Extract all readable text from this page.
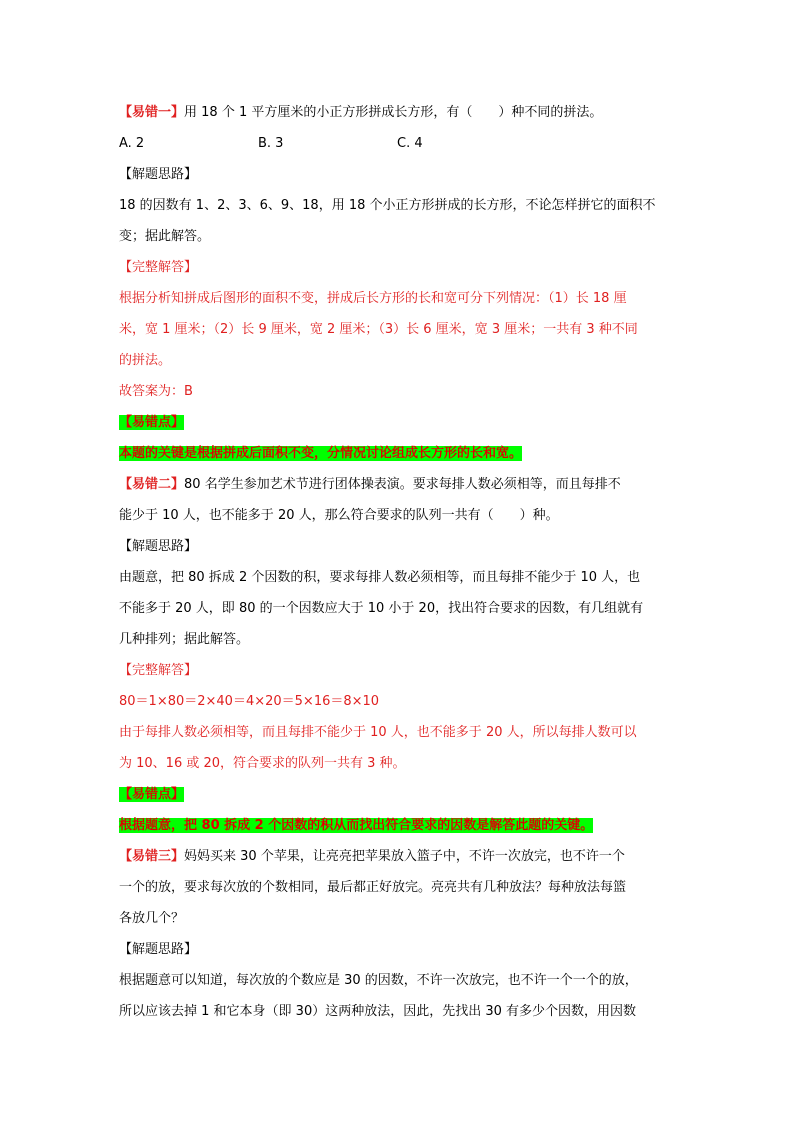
【易错一】用 18 个 1 平方厘米的小正方形拼成长方形，有（　　）种不同的拼法。
A. 2	B. 3	C. 4
【解题思路】
18 的因数有 1、2、3、6、9、18，用 18 个小正方形拼成的长方形，不论怎样拼它的面积不
变；据此解答。
【完整解答】
根据分析知拼成后图形的面积不变，拼成后长方形的长和宽可分下列情况：（1）长 18 厘
米，宽 1 厘米；（2）长 9 厘米，宽 2 厘米；（3）长 6 厘米，宽 3 厘米；一共有 3 种不同
的拼法。
故答案为：B
【易错点】
本题的关键是根据拼成后面积不变，分情况讨论组成长方形的长和宽。
【易错二】80 名学生参加艺术节进行团体操表演。要求每排人数必须相等，而且每排不
能少于 10 人，也不能多于 20 人，那么符合要求的队列一共有（　　）种。
【解题思路】
由题意，把 80 拆成 2 个因数的积，要求每排人数必须相等，而且每排不能少于 10 人，也
不能多于 20 人，即 80 的一个因数应大于 10 小于 20，找出符合要求的因数，有几组就有
几种排列；据此解答。
【完整解答】
80＝1×80＝2×40＝4×20＝5×16＝8×10
由于每排人数必须相等，而且每排不能少于 10 人，也不能多于 20 人，所以每排人数可以
为 10、16 或 20，符合要求的队列一共有 3 种。
【易错点】
根据题意，把 80 拆成 2 个因数的积从而找出符合要求的因数是解答此题的关键。
【易错三】妈妈买来 30 个苹果，让亮亮把苹果放入篮子中，不许一次放完，也不许一个
一个的放，要求每次放的个数相同，最后都正好放完。亮亮共有几种放法？每种放法每篮
各放几个？
【解题思路】
根据题意可以知道，每次放的个数应是 30 的因数，不许一次放完，也不许一个一个的放，
所以应该去掉 1 和它本身（即 30）这两种放法，因此，先找出 30 有多少个因数，用因数
